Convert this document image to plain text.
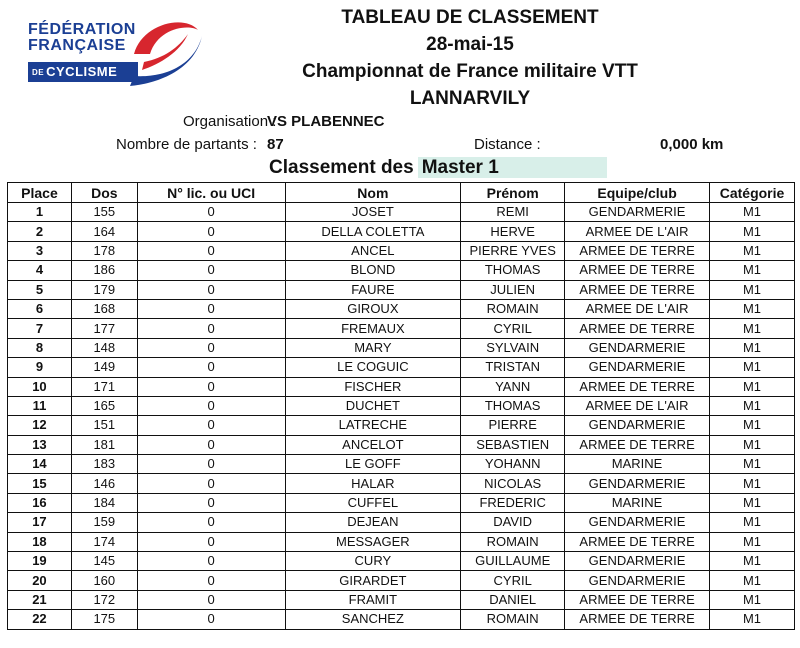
FÉDÉRATION
FRANÇAISE
DE CYCLISME
TABLEAU DE CLASSEMENT
28-mai-15
Championnat de France militaire VTT
LANNARVILY
Organisation :
VS PLABENNEC
Nombre de partants : 87	Distance :	0,000 km
Classement des Master 1
Place	Dos	N° lic. ou UCI	Nom	Prénom	Equipe/club	Catégorie
1	155	0	JOSET	REMI	GENDARMERIE	M1
2	164	0	DELLA COLETTA	HERVE	ARMEE DE L'AIR	M1
3	178	0	ANCEL	PIERRE YVES	ARMEE DE TERRE	M1
4	186	0	BLOND	THOMAS	ARMEE DE TERRE	M1
5	179	0	FAURE	JULIEN	ARMEE DE TERRE	M1
6	168	0	GIROUX	ROMAIN	ARMEE DE L'AIR	M1
7	177	0	FREMAUX	CYRIL	ARMEE DE TERRE	M1
8	148	0	MARY	SYLVAIN	GENDARMERIE	M1
9	149	0	LE COGUIC	TRISTAN	GENDARMERIE	M1
10	171	0	FISCHER	YANN	ARMEE DE TERRE	M1
11	165	0	DUCHET	THOMAS	ARMEE DE L'AIR	M1
12	151	0	LATRECHE	PIERRE	GENDARMERIE	M1
13	181	0	ANCELOT	SEBASTIEN	ARMEE DE TERRE	M1
14	183	0	LE GOFF	YOHANN	MARINE	M1
15	146	0	HALAR	NICOLAS	GENDARMERIE	M1
16	184	0	CUFFEL	FREDERIC	MARINE	M1
17	159	0	DEJEAN	DAVID	GENDARMERIE	M1
18	174	0	MESSAGER	ROMAIN	ARMEE DE TERRE	M1
19	145	0	CURY	GUILLAUME	GENDARMERIE	M1
20	160	0	GIRARDET	CYRIL	GENDARMERIE	M1
21	172	0	FRAMIT	DANIEL	ARMEE DE TERRE	M1
22	175	0	SANCHEZ	ROMAIN	ARMEE DE TERRE	M1
